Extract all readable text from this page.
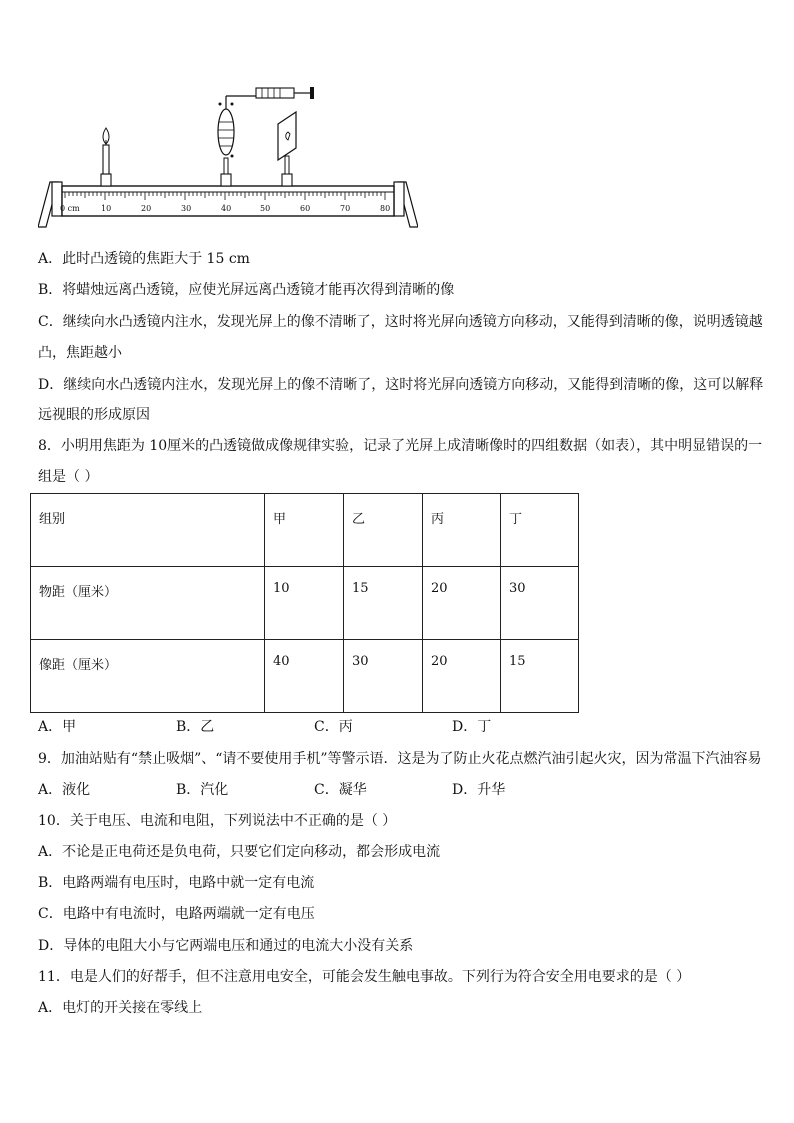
0 cm	10	20	30	40	50	60	70	80
A．此时凸透镜的焦距大于 15 cm
B．将蜡烛远离凸透镜，应使光屏远离凸透镜才能再次得到清晰的像
C．继续向水凸透镜内注水，发现光屏上的像不清晰了，这时将光屏向透镜方向移动，又能得到清晰的像，说明透镜越
凸，焦距越小
D．继续向水凸透镜内注水，发现光屏上的像不清晰了，这时将光屏向透镜方向移动，又能得到清晰的像，这可以解释
远视眼的形成原因
8．小明用焦距为 10厘米的凸透镜做成像规律实验，记录了光屏上成清晰像时的四组数据（如表），其中明显错误的一
组是（ ）
组别	甲	乙	丙	丁
物距（厘米）	10	15	20	30
像距（厘米）	40	30	20	15
A．甲	B．乙	C．丙	D．丁
9．加油站贴有“禁止吸烟”、“请不要使用手机”等警示语．这是为了防止火花点燃汽油引起火灾，因为常温下汽油容易
A．液化	B．汽化	C．凝华	D．升华
10．关于电压、电流和电阻，下列说法中不正确的是（ ）
A．不论是正电荷还是负电荷，只要它们定向移动，都会形成电流
B．电路两端有电压时，电路中就一定有电流
C．电路中有电流时，电路两端就一定有电压
D．导体的电阻大小与它两端电压和通过的电流大小没有关系
11．电是人们的好帮手，但不注意用电安全，可能会发生触电事故。下列行为符合安全用电要求的是（ ）
A．电灯的开关接在零线上
